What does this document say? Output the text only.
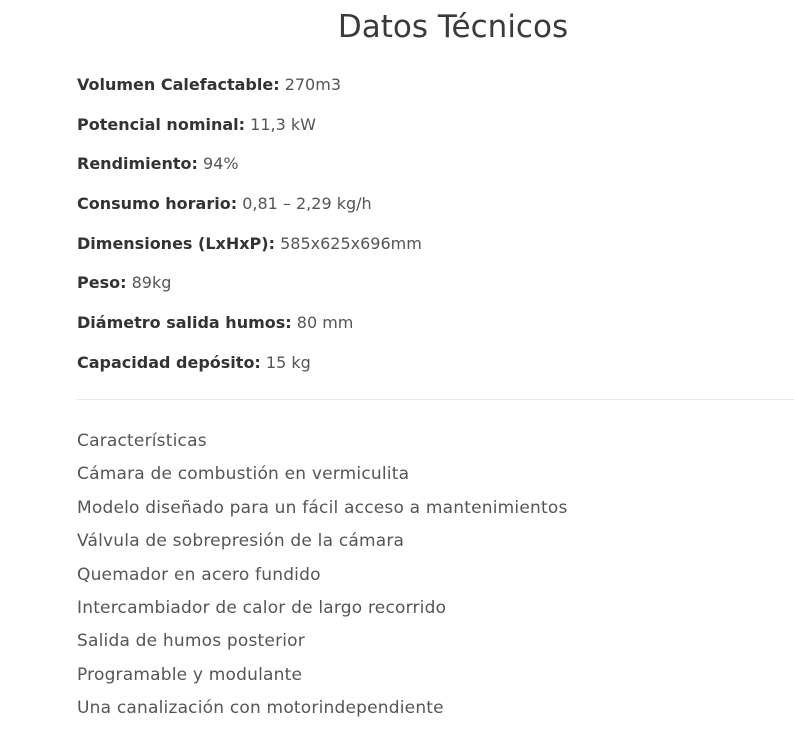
Datos Técnicos
Volumen Calefactable: 270m3
Potencial nominal: 11,3 kW
Rendimiento: 94%
Consumo horario: 0,81 – 2,29 kg/h
Dimensiones (LxHxP): 585x625x696mm
Peso: 89kg
Diámetro salida humos: 80 mm
Capacidad depósito: 15 kg
Características
Cámara de combustión en vermiculita
Modelo diseñado para un fácil acceso a mantenimientos
Válvula de sobrepresión de la cámara
Quemador en acero fundido
Intercambiador de calor de largo recorrido
Salida de humos posterior
Programable y modulante
Una canalización con motorindependiente
